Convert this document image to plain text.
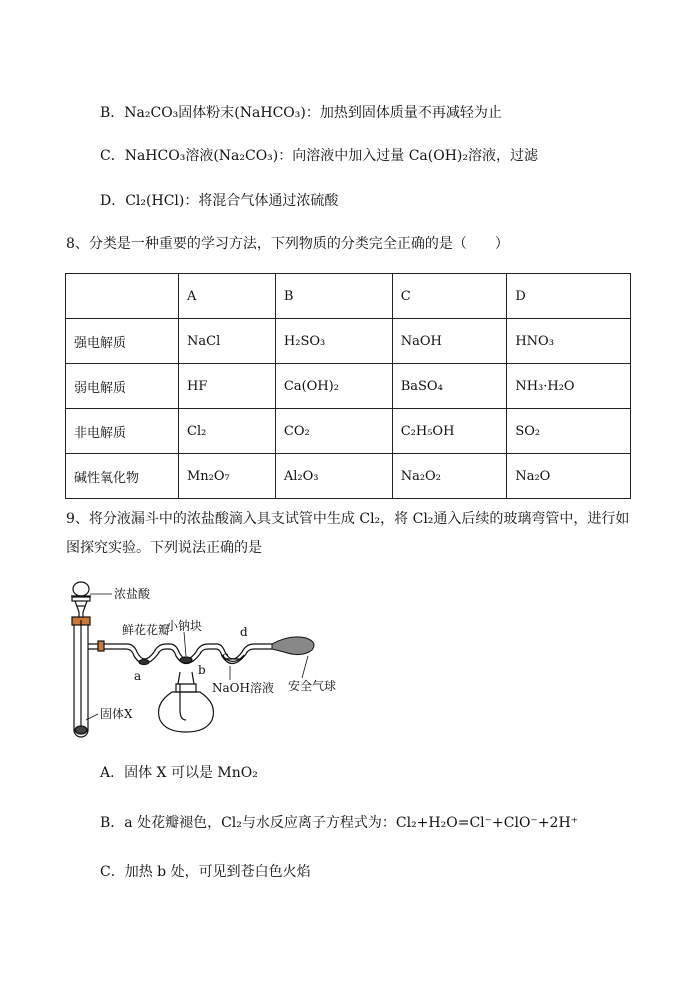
B．Na₂CO₃固体粉末(NaHCO₃)：加热到固体质量不再减轻为止
C．NaHCO₃溶液(Na₂CO₃)：向溶液中加入过量 Ca(OH)₂溶液，过滤
D．Cl₂(HCl)：将混合气体通过浓硫酸
8、分类是一种重要的学习方法，下列物质的分类完全正确的是（　　）
	A	B	C	D
强电解质	NaCl	H₂SO₃	NaOH	HNO₃
弱电解质	HF	Ca(OH)₂	BaSO₄	NH₃·H₂O
非电解质	Cl₂	CO₂	C₂H₅OH	SO₂
碱性氧化物	Mn₂O₇	Al₂O₃	Na₂O₂	Na₂O
9、将分液漏斗中的浓盐酸滴入具支试管中生成 Cl₂，将 Cl₂通入后续的玻璃弯管中，进行如
图探究实验。下列说法正确的是
浓盐酸
鲜花花瓣
小钠块	d
c
a	b
NaOH溶液 安全气球
固体X
A．固体 X 可以是 MnO₂
B．a 处花瓣褪色，Cl₂与水反应离子方程式为：Cl₂+H₂O=Cl⁻+ClO⁻+2H⁺
C．加热 b 处，可见到苍白色火焰
